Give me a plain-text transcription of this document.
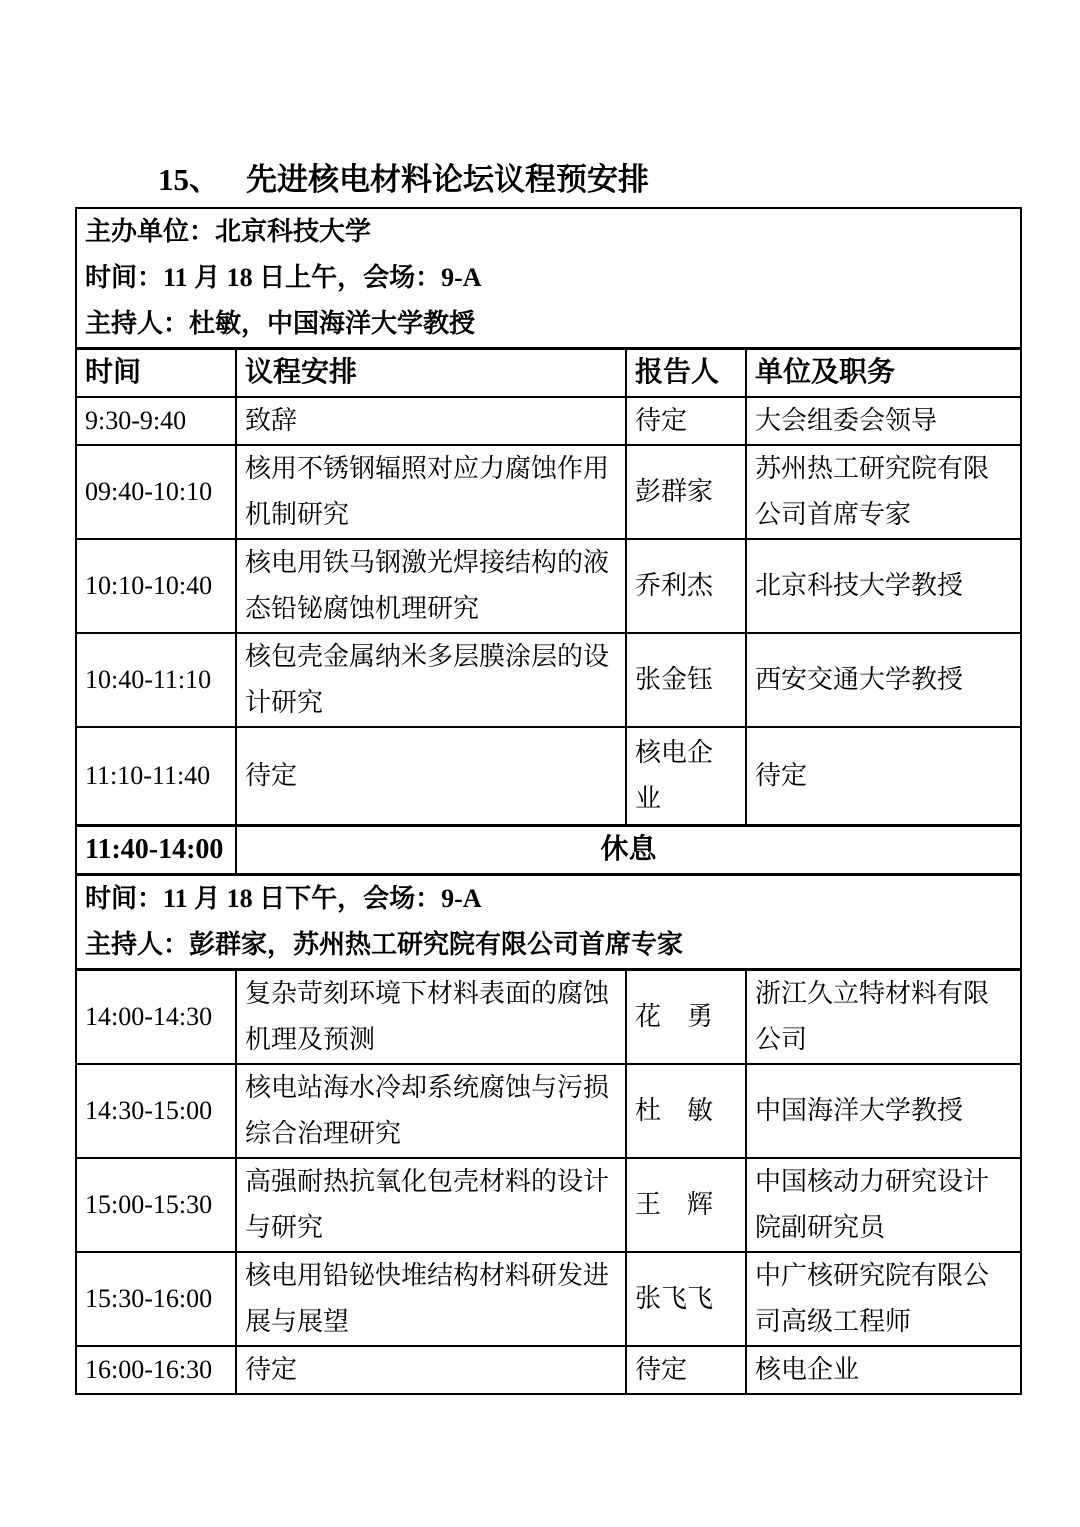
15、 先进核电材料论坛议程预安排
主办单位：北京科技大学
时间：11 月 18 日上午，会场：9-A
主持人：杜敏，中国海洋大学教授			

时间	议程安排	报告人	单位及职务
9:30-9:40	致辞	待定	大会组委会领导
09:40-10:10	核用不锈钢辐照对应力腐蚀作用机制研究	彭群家	苏州热工研究院有限公司首席专家
10:10-10:40	核电用铁马钢激光焊接结构的液态铅铋腐蚀机理研究	乔利杰	北京科技大学教授
10:40-11:10	核包壳金属纳米多层膜涂层的设计研究	张金钰	西安交通大学教授
11:10-11:40	待定	核电企业	待定
11:40-14:00	休息		

时间：11 月 18 日下午，会场：9-A
主持人：彭群家，苏州热工研究院有限公司首席专家			

14:00-14:30	复杂苛刻环境下材料表面的腐蚀机理及预测	花　勇	浙江久立特材料有限公司
14:30-15:00	核电站海水冷却系统腐蚀与污损综合治理研究	杜　敏	中国海洋大学教授
15:00-15:30	高强耐热抗氧化包壳材料的设计与研究	王　辉	中国核动力研究设计院副研究员
15:30-16:00	核电用铅铋快堆结构材料研发进展与展望	张飞飞	中广核研究院有限公司高级工程师
16:00-16:30	待定	待定	核电企业
